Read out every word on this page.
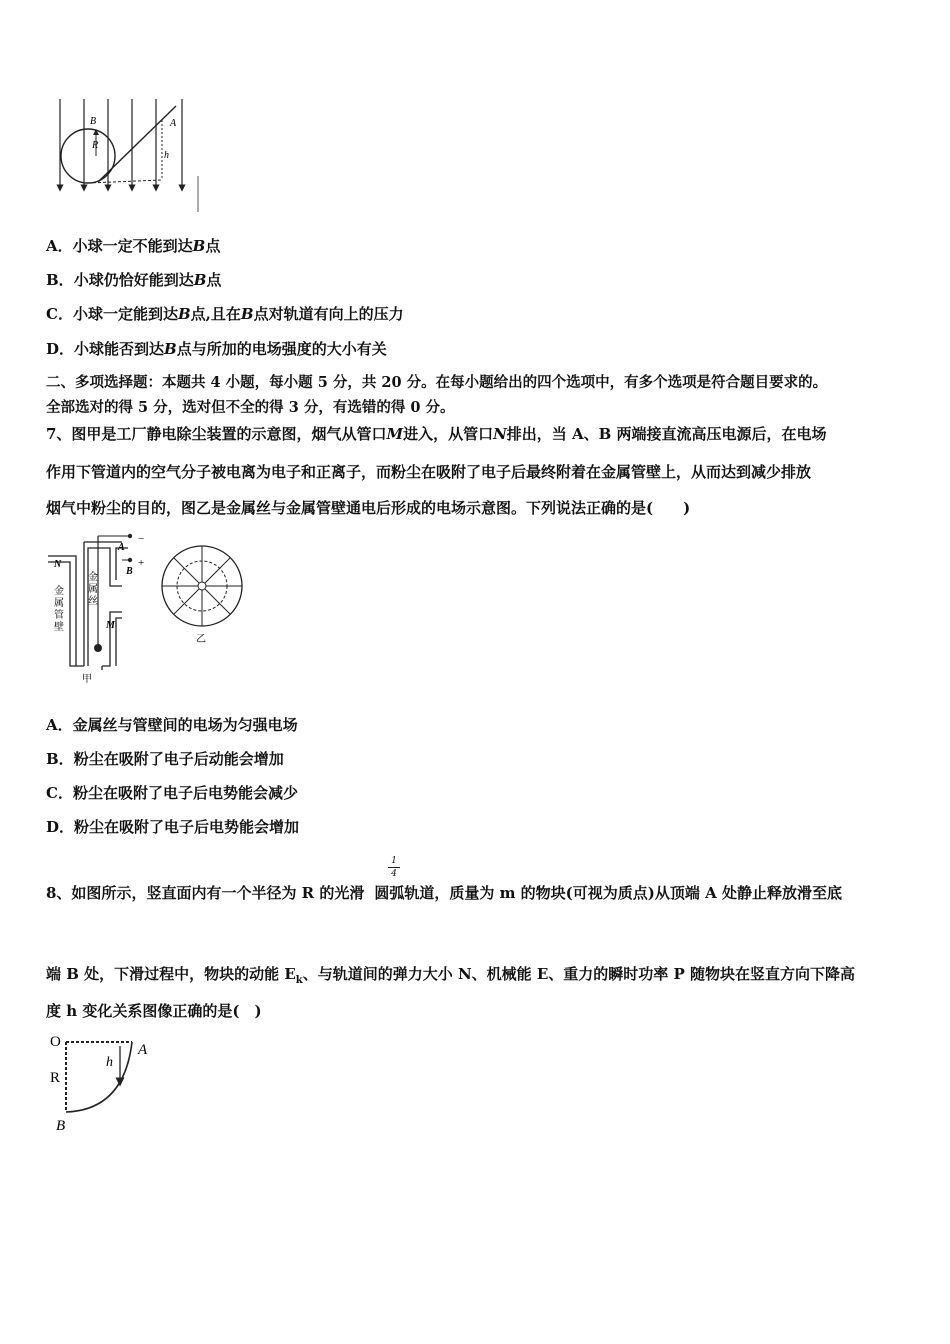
B
R
A
h
A．小球一定不能到达B点
B．小球仍恰好能到达B点
C．小球一定能到达B点,且在B点对轨道有向上的压力
D．小球能否到达B点与所加的电场强度的大小有关
二、多项选择题：本题共 4 小题，每小题 5 分，共 20 分。在每小题给出的四个选项中，有多个选项是符合题目要求的。
全部选对的得 5 分，选对但不全的得 3 分，有选错的得 0 分。
7、图甲是工厂静电除尘装置的示意图，烟气从管口M进入，从管口N排出，当 A、B 两端接直流高压电源后，在电场
作用下管道内的空气分子被电离为电子和正离子，而粉尘在吸附了电子后最终附着在金属管壁上，从而达到减少排放
烟气中粉尘的目的，图乙是金属丝与金属管壁通电后形成的电场示意图。下列说法正确的是(　　)
A
−
B
+
N
M
金
属
管
壁
金
属
丝
甲
乙
A．金属丝与管壁间的电场为匀强电场
B．粉尘在吸附了电子后动能会增加
C．粉尘在吸附了电子后电势能会减少
D．粉尘在吸附了电子后电势能会增加
1
4
8、如图所示，竖直面内有一个半径为 R 的光滑 圆弧轨道，质量为 m 的物块(可视为质点)从顶端 A 处静止释放滑至底
端 B 处，下滑过程中，物块的动能 $E_k$、与轨道间的弹力大小 N、机械能 E、重力的瞬时功率 P 随物块在竖直方向下降高
度 h 变化关系图像正确的是(　)
O
R
h
A
B
